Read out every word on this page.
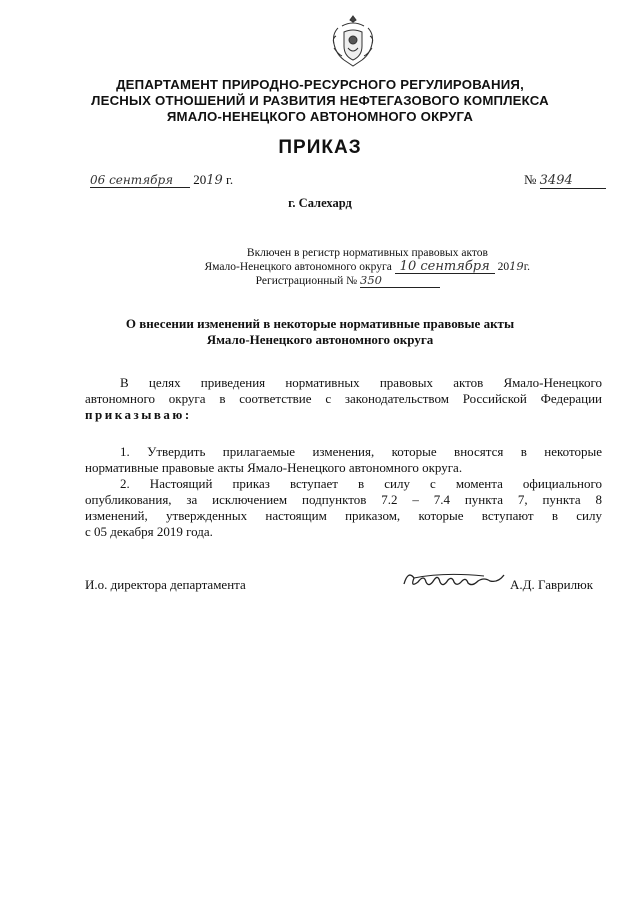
ДЕПАРТАМЕНТ ПРИРОДНО-РЕСУРСНОГО РЕГУЛИРОВАНИЯ,
ЛЕСНЫХ ОТНОШЕНИЙ И РАЗВИТИЯ НЕФТЕГАЗОВОГО КОМПЛЕКСА
ЯМАЛО-НЕНЕЦКОГО АВТОНОМНОГО ОКРУГА
ПРИКАЗ
06 сентября 2019 г.	№ 3494
г. Салехард
Включен в регистр нормативных правовых актов
Ямало-Ненецкого автономного округа 10 сентября 2019г.
Регистрационный № 350
О внесении изменений в некоторые нормативные правовые акты
Ямало-Ненецкого автономного округа
В целях приведения нормативных правовых актов Ямало-Ненецкого
автономного округа в соответствие с законодательством Российской Федерации
приказываю:
1. Утвердить прилагаемые изменения, которые вносятся в некоторые
нормативные правовые акты Ямало-Ненецкого автономного округа.
2. Настоящий приказ вступает в силу с момента официального
опубликования, за исключением подпунктов 7.2 – 7.4 пункта 7, пункта 8
изменений, утвержденных настоящим приказом, которые вступают в силу
с 05 декабря 2019 года.
И.о. директора департамента	А.Д. Гаврилюк
